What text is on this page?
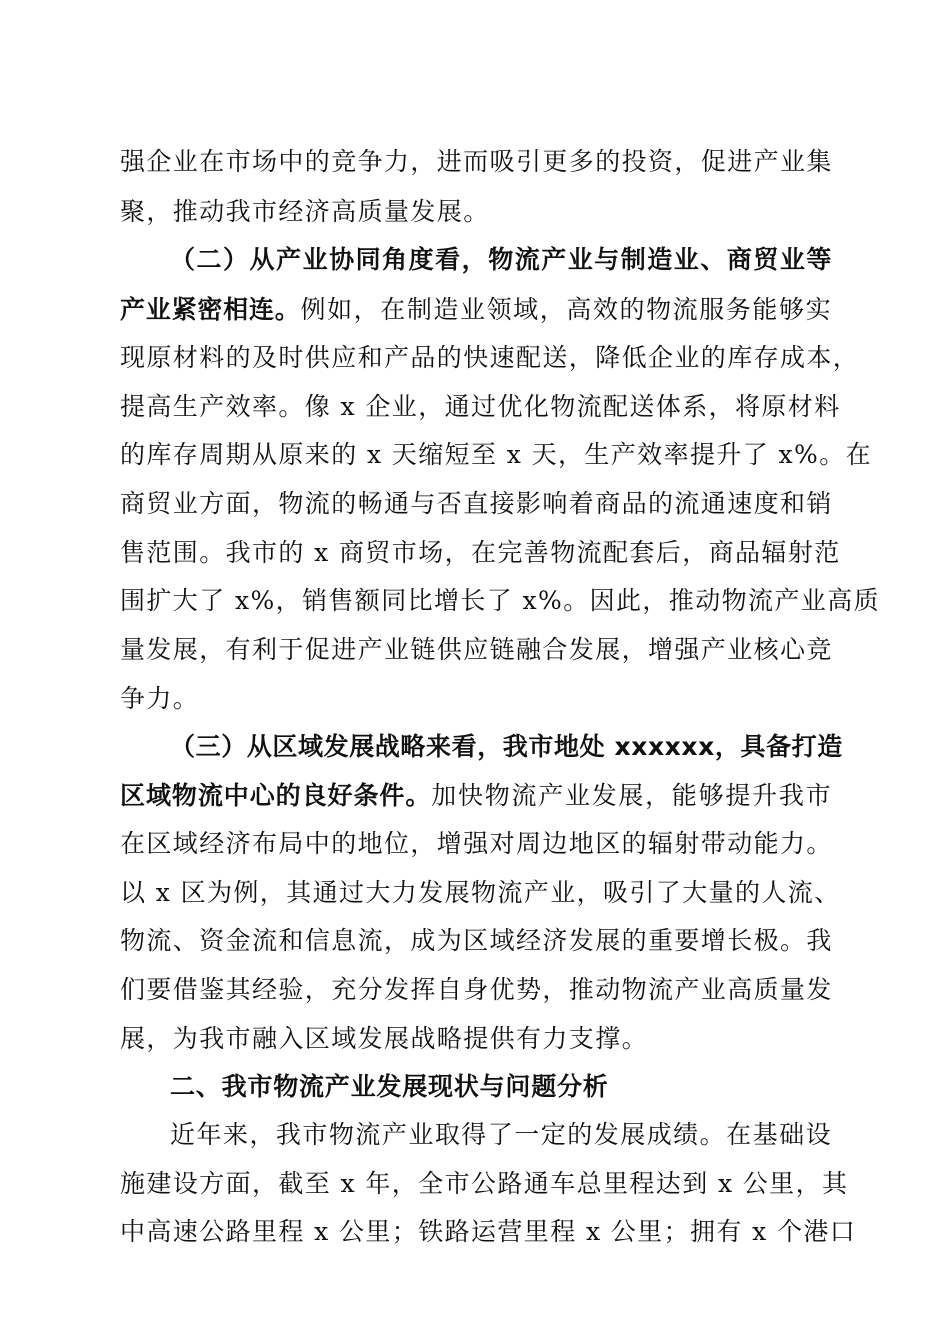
强企业在市场中的竞争力，进而吸引更多的投资，促进产业集
聚，推动我市经济高质量发展。
（二）从产业协同角度看，物流产业与制造业、商贸业等
产业紧密相连。例如，在制造业领域，高效的物流服务能够实
现原材料的及时供应和产品的快速配送，降低企业的库存成本，
提高生产效率。像 x 企业，通过优化物流配送体系，将原材料
的库存周期从原来的 x 天缩短至 x 天，生产效率提升了 x%。在
商贸业方面，物流的畅通与否直接影响着商品的流通速度和销
售范围。我市的 x 商贸市场，在完善物流配套后，商品辐射范
围扩大了 x%，销售额同比增长了 x%。因此，推动物流产业高质
量发展，有利于促进产业链供应链融合发展，增强产业核心竞
争力。
（三）从区域发展战略来看，我市地处 xxxxxx，具备打造
区域物流中心的良好条件。加快物流产业发展，能够提升我市
在区域经济布局中的地位，增强对周边地区的辐射带动能力。
以 x 区为例，其通过大力发展物流产业，吸引了大量的人流、
物流、资金流和信息流，成为区域经济发展的重要增长极。我
们要借鉴其经验，充分发挥自身优势，推动物流产业高质量发
展，为我市融入区域发展战略提供有力支撑。
二、我市物流产业发展现状与问题分析
近年来，我市物流产业取得了一定的发展成绩。在基础设
施建设方面，截至 x 年，全市公路通车总里程达到 x 公里，其
中高速公路里程 x 公里；铁路运营里程 x 公里；拥有 x 个港口
